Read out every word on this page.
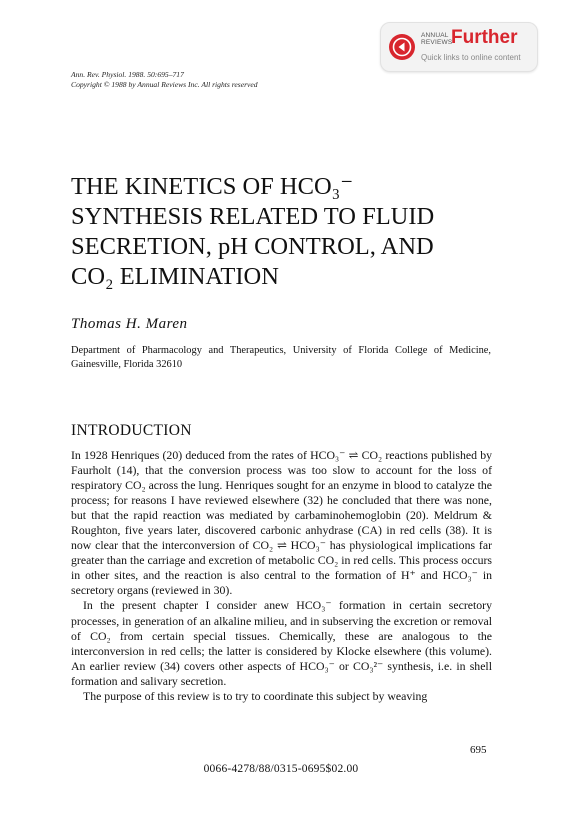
ANNUAL
REVIEWS
Further
Quick links to online content
Ann. Rev. Physiol. 1988. 50:695–717
Copyright © 1988 by Annual Reviews Inc. All rights reserved
THE KINETICS OF HCO₃⁻
SYNTHESIS RELATED TO FLUID
SECRETION, pH CONTROL, AND
CO₂ ELIMINATION
Thomas H. Maren
Department of Pharmacology and Therapeutics, University of Florida College of Medicine, Gainesville, Florida 32610
INTRODUCTION

In 1928 Henriques (20) deduced from the rates of HCO₃⁻ ⇌ CO₂ reactions published by Faurholt (14), that the conversion process was too slow to account for the loss of respiratory CO₂ across the lung. Henriques sought for an enzyme in blood to catalyze the process; for reasons I have reviewed elsewhere (32) he concluded that there was none, but that the rapid reaction was mediated by carbaminohemoglobin (20). Meldrum & Roughton, five years later, discovered carbonic anhydrase (CA) in red cells (38). It is now clear that the interconversion of CO₂ ⇌ HCO₃⁻ has physiological implications far greater than the carriage and excretion of metabolic CO₂ in red cells. This process occurs in other sites, and the reaction is also central to the formation of H⁺ and HCO₃⁻ in secretory organs (reviewed in 30).

In the present chapter I consider anew HCO₃⁻ formation in certain secretory processes, in generation of an alkaline milieu, and in subserving the excretion or removal of CO₂ from certain special tissues. Chemically, these are analogous to the interconversion in red cells; the latter is considered by Klocke elsewhere (this volume). An earlier review (34) covers other aspects of HCO₃⁻ or CO₃²⁻ synthesis, i.e. in shell formation and salivary secretion.

The purpose of this review is to try to coordinate this subject by weaving

695
0066-4278/88/0315-0695$02.00
